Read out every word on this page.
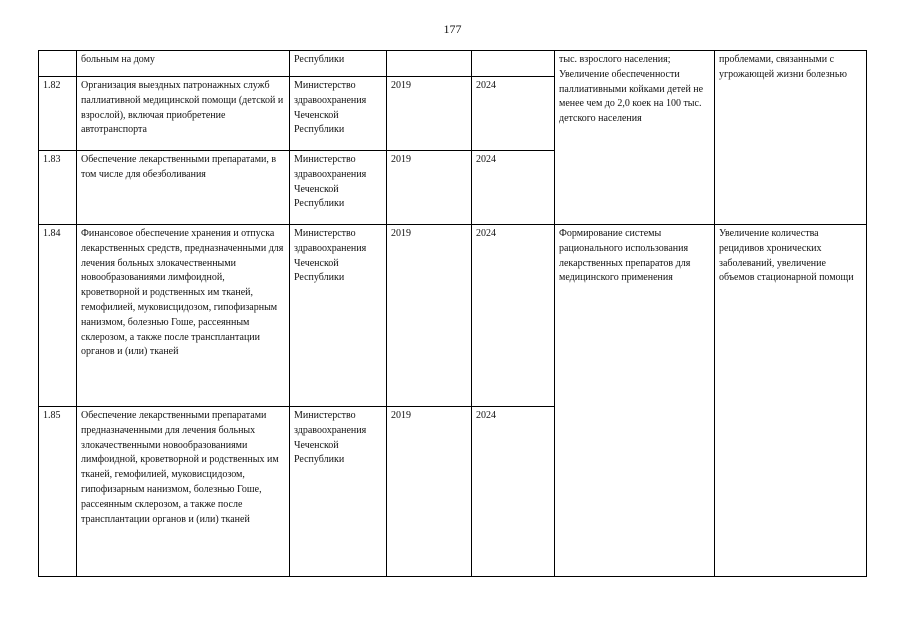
177
	больным на дому	Республики			тыс. взрослого населения; Увеличение обеспеченности паллиативными койками детей не менее чем до 2,0 коек на 100 тыс. детского населения	проблемами, связанными с угрожающей жизни болезнью
1.82	Организация выездных патронажных служб паллиативной медицинской помощи (детской и взрослой), включая приобретение автотранспорта	Министерство здравоохранения Чеченской Республики	2019	2024		
1.83	Обеспечение лекарственными препаратами, в том числе для обезболивания	Министерство здравоохранения Чеченской Республики	2019	2024		
1.84	Финансовое обеспечение хранения и отпуска лекарственных средств, предназначенными для лечения больных злокачественными новообразованиями лимфоидной, кроветворной и родственных им тканей, гемофилией, муковисцидозом, гипофизарным нанизмом, болезнью Гоше, рассеянным склерозом, а также после трансплантации органов и (или) тканей	Министерство здравоохранения Чеченской Республики	2019	2024	Формирование системы рационального использования лекарственных препаратов для медицинского применения	Увеличение количества рецидивов хронических заболеваний, увеличение объемов стационарной помощи
1.85	Обеспечение лекарственными препаратами предназначенными для лечения больных злокачественными новообразованиями лимфоидной, кроветворной и родственных им тканей, гемофилией, муковисцидозом, гипофизарным нанизмом, болезнью Гоше, рассеянным склерозом, а также после трансплантации органов и (или) тканей	Министерство здравоохранения Чеченской Республики	2019	2024		
